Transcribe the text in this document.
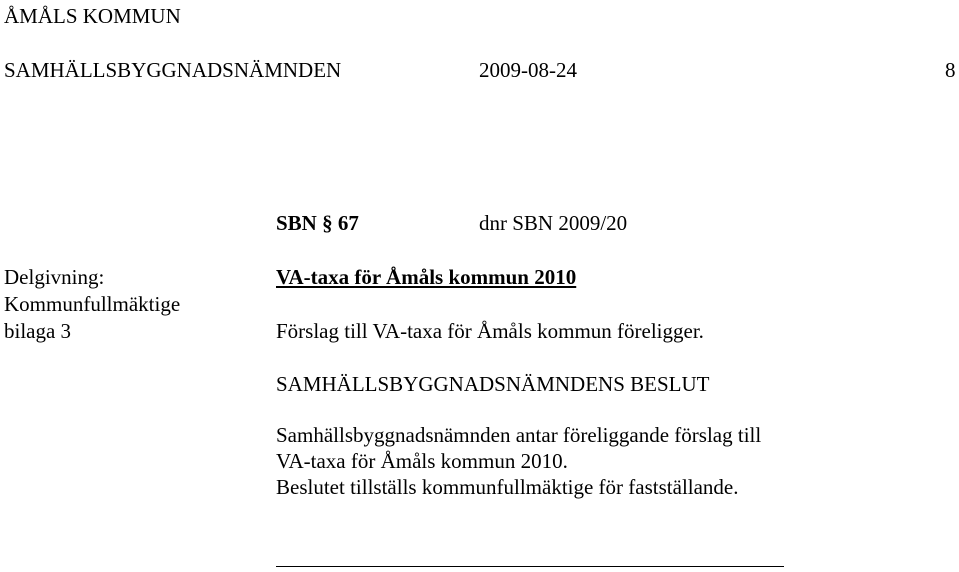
ÅMÅLS KOMMUN
SAMHÄLLSBYGGNADSNÄMNDEN	2009-08-24	8
SBN § 67	dnr SBN 2009/20
Delgivning:
Kommunfullmäktige
bilaga 3
VA-taxa för Åmåls kommun 2010
Förslag till VA-taxa för Åmåls kommun föreligger.
SAMHÄLLSBYGGNADSNÄMNDENS BESLUT
Samhällsbyggnadsnämnden antar föreliggande förslag till
VA-taxa för Åmåls kommun 2010.
Beslutet tillställs kommunfullmäktige för fastställande.
